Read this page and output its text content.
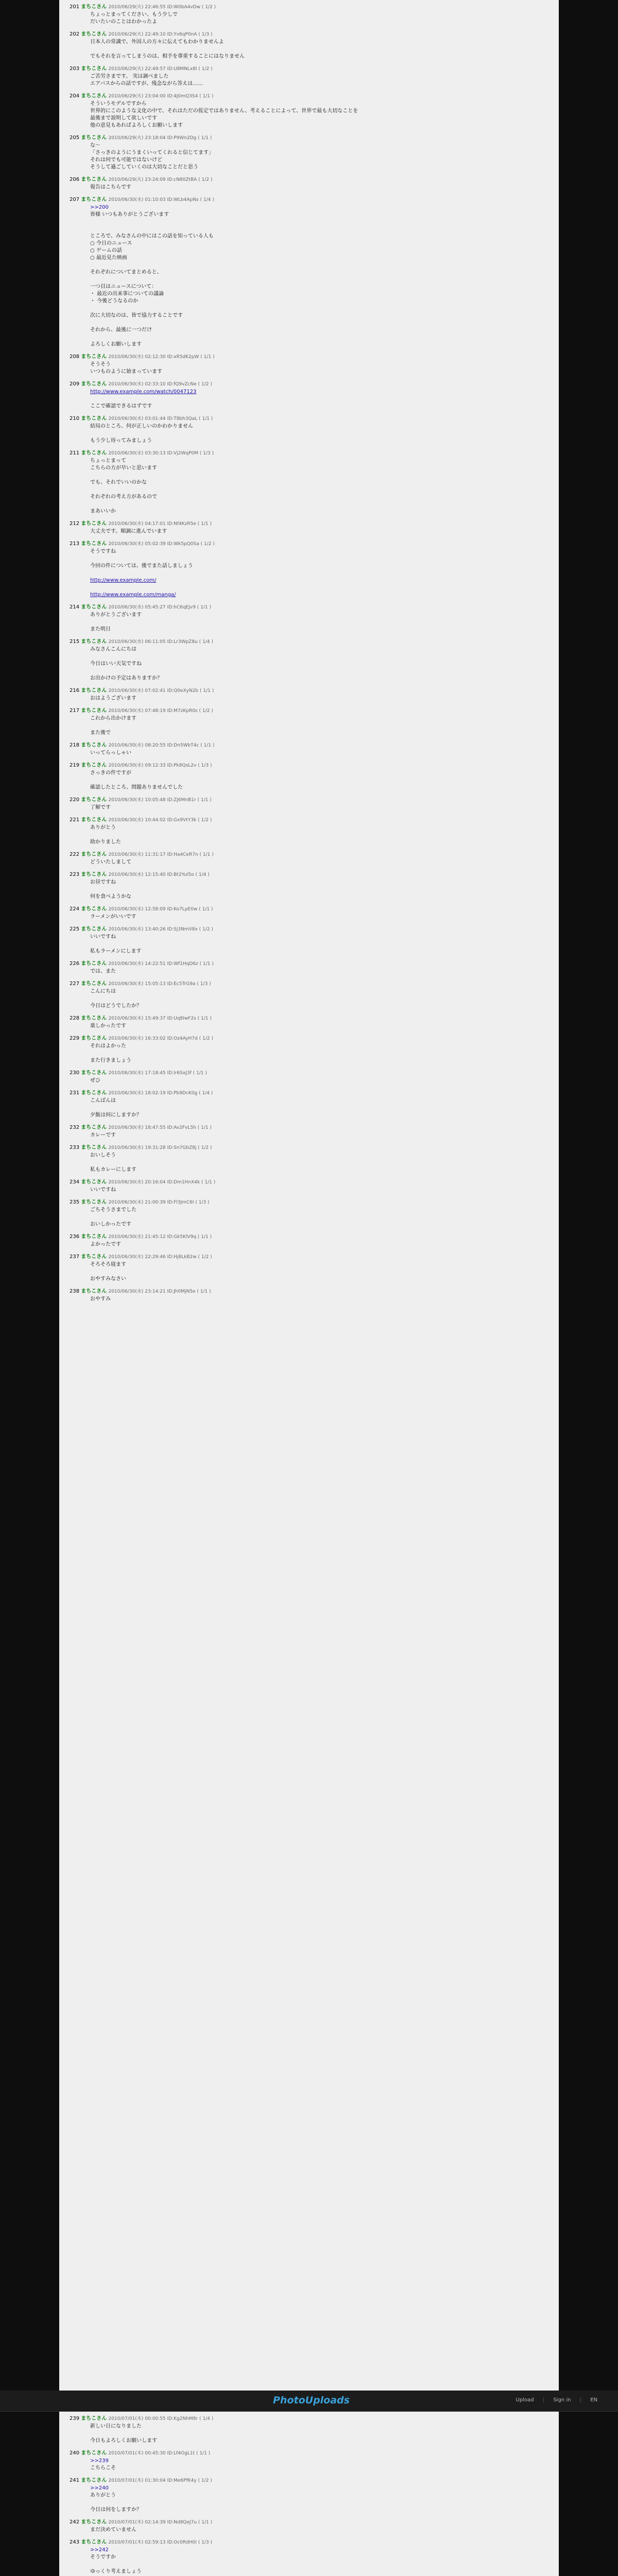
201 まちこさん 2010/06/29(火) 22:46:55 ID:W0bA4vDw ( 1/2 )
ちょっとまってください、もう少しで
だいたいのことはわかったよ
202 まちこさん 2010/06/29(火) 22:49:10 ID:Yv6qP0nA ( 1/3 )
日本人の常識で、外国人の方々に伝えてもわかりませんよ

でもそれを言ってしまうのは、相手を尊重することにはなりません
203 まちこさん 2010/06/29(火) 22:49:57 ID:U8MNLx8l ( 1/2 )
ご苦労さまです。 実は調べました
エアバスからの話ですが、残念ながら答えは……
204 まちこさん 2010/06/29(火) 23:04:00 ID:4J0mQ3S4 ( 1/1 )
そういうモデルですから
世界的にこのような文化の中で、それはただの仮定ではありません、考えることによって、世界で最も大切なことを
最後まで説明して欲しいです
他の意見もあればよろしくお願いします
205 まちこさん 2010/06/29(火) 23:18:04 ID:P9Wn2Dg ( 1/1 )
な～
「さっきのようにうまくいってくれると信じてます」
それは何でも可能ではないけど
そうして過ごしていくのは大切なことだと思う
206 まちこさん 2010/06/29(火) 23:24:09 ID:cN80ZtBA ( 1/2 )
報告はこちらです
207 まちこさん 2010/06/30(水) 01:10:03 ID:WLb4ApNs ( 1/4 )
>>200
皆様 いつもありがとうございます

ところで、みなさんの中にはこの話を知っている人も
○ 今日のニュース
○ ゲームの話
○ 最近見た映画

それぞれについてまとめると、

一つ目はニュースについて：
・ 最近の出来事についての議論
・ 今後どうなるのか

次に大切なのは、皆で協力することです

それから、最後に一つだけ

よろしくお願いします
208 まちこさん 2010/06/30(水) 02:12:30 ID:xR5dK2pW ( 1/1 )
そうそう
いつものように始まっています
209 まちこさん 2010/06/30(水) 02:33:10 ID:fQ9vZcNe ( 1/2 )
http://www.example.com/watch/0047123

ここで確認できるはずです
210 まちこさん 2010/06/30(水) 03:01:44 ID:T8bh3QaL ( 1/1 )
結局のところ、何が正しいのかわかりません

もう少し待ってみましょう
211 まちこさん 2010/06/30(水) 03:30:13 ID:Vj2WqP0M ( 1/3 )
ちょっとまって
こちらの方が早いと思います

でも、それでいいのかな

それぞれの考え方があるので

まあいいか
212 まちこさん 2010/06/30(水) 04:17:01 ID:Nf4KzR5e ( 1/1 )
大丈夫です。順調に進んでいます
213 まちこさん 2010/06/30(水) 05:02:39 ID:Wk5pQ0Sa ( 1/2 )
そうですね

今回の件については、後でまた話しましょう

http://www.example.com/

http://www.example.com/manga/
214 まちこさん 2010/06/30(水) 05:45:27 ID:hC6qEJv9 ( 1/1 )
ありがとうございます

また明日
215 まちこさん 2010/06/30(水) 06:11:05 ID:Lr3WpZ8u ( 1/4 )
みなさんこんにちは

今日はいい天気ですね

お出かけの予定はありますか？
216 まちこさん 2010/06/30(水) 07:02:41 ID:Q0eXyN2b ( 1/1 )
おはようございます
217 まちこさん 2010/06/30(水) 07:48:19 ID:M7zKpR0s ( 1/2 )
これから出かけます

また後で
218 まちこさん 2010/06/30(水) 08:20:55 ID:Dn5WbT4c ( 1/1 )
いってらっしゃい
219 まちこさん 2010/06/30(水) 09:12:33 ID:Pk8QsL2v ( 1/3 )
さっきの件ですが

確認したところ、問題ありませんでした
220 まちこさん 2010/06/30(水) 10:05:48 ID:Zj6MnB1r ( 1/1 )
了解です
221 まちこさん 2010/06/30(水) 10:44:02 ID:Gx9VtY3k ( 1/2 )
ありがとう

助かりました
222 まちこさん 2010/06/30(水) 11:31:17 ID:Ha4CeR7n ( 1/1 )
どういたしまして
223 まちこさん 2010/06/30(水) 12:15:40 ID:Bt2YuI5o ( 1/4 )
お昼ですね

何を食べようかな
224 まちこさん 2010/06/30(水) 12:58:09 ID:Ko7LpE0w ( 1/1 )
ラーメンがいいです
225 まちこさん 2010/06/30(水) 13:40:26 ID:Sj3NmV8x ( 1/2 )
いいですね

私もラーメンにします
226 まちこさん 2010/06/30(水) 14:22:51 ID:Wf1HqD6z ( 1/1 )
では、また
227 まちこさん 2010/06/30(水) 15:05:13 ID:Ec5TrG9a ( 1/3 )
こんにちは

今日はどうでしたか？
228 まちこさん 2010/06/30(水) 15:49:37 ID:Uq8IwF2s ( 1/1 )
楽しかったです
229 まちこさん 2010/06/30(水) 16:33:02 ID:Oz4AyH7d ( 1/2 )
それはよかった

また行きましょう
230 まちこさん 2010/06/30(水) 17:18:45 ID:Ir6SxJ3f ( 1/1 )
ぜひ
231 まちこさん 2010/06/30(水) 18:02:19 ID:Pb9DcK0g ( 1/4 )
こんばんは

夕飯は何にしますか？
232 まちこさん 2010/06/30(水) 18:47:55 ID:Av2FvL5h ( 1/1 )
カレーです
233 まちこさん 2010/06/30(水) 19:31:28 ID:Sn7GbZ8j ( 1/2 )
おいしそう

私もカレーにします
234 まちこさん 2010/06/30(水) 20:16:04 ID:Dm1HnX4k ( 1/1 )
いいですね
235 まちこさん 2010/06/30(水) 21:00:39 ID:Fl3JmC6l ( 1/3 )
ごちそうさまでした

おいしかったです
236 まちこさん 2010/06/30(水) 21:45:12 ID:Gk5KlV9q ( 1/1 )
よかったです
237 まちこさん 2010/06/30(水) 22:29:46 ID:Hj8LkB2w ( 1/2 )
そろそろ寝ます

おやすみなさい
238 まちこさん 2010/06/30(水) 23:14:21 ID:Jh0MjN5e ( 1/1 )
おやすみ
PhotoUploads	Upload | Sign in | EN
239 まちこさん 2010/07/01(木) 00:00:55 ID:Kg2NhM8r ( 1/4 )
新しい日になりました

今日もよろしくお願いします
240 まちこさん 2010/07/01(木) 00:45:30 ID:Lf4OgL1t ( 1/1 )
>>239
こちらこそ
241 まちこさん 2010/07/01(木) 01:30:04 ID:Me6PfK4y ( 1/2 )
>>240
ありがとう

今日は何をしますか？
242 まちこさん 2010/07/01(木) 02:14:39 ID:Nd8QeJ7u ( 1/1 )
まだ決めていません
243 まちこさん 2010/07/01(木) 02:59:13 ID:Oc0RdH0i ( 1/3 )
>>242
そうですか

ゆっくり考えましょう
